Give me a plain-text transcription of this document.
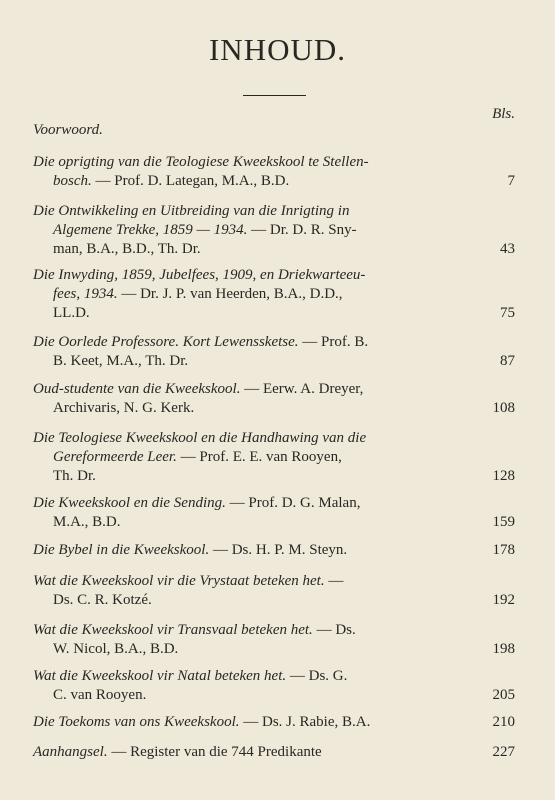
INHOUD.
Bls.
Voorwoord.
Die oprigting van die Teologiese Kweekskool te Stellen-
bosch. — Prof. D. Lategan, M.A., B.D.	7
Die Ontwikkeling en Uitbreiding van die Inrigting in
Algemene Trekke, 1859 — 1934. — Dr. D. R. Sny-
man, B.A., B.D., Th. Dr.	43
Die Inwyding, 1859, Jubelfees, 1909, en Driekwarteeu-
fees, 1934. — Dr. J. P. van Heerden, B.A., D.D.,
LL.D.	75
Die Oorlede Professore. Kort Lewenssketse. — Prof. B.
B. Keet, M.A., Th. Dr.	87
Oud-studente van die Kweekskool. — Eerw. A. Dreyer,
Archivaris, N. G. Kerk.	108
Die Teologiese Kweekskool en die Handhawing van die
Gereformeerde Leer. — Prof. E. E. van Rooyen,
Th. Dr.	128
Die Kweekskool en die Sending. — Prof. D. G. Malan,
M.A., B.D.	159
Die Bybel in die Kweekskool. — Ds. H. P. M. Steyn.	178
Wat die Kweekskool vir die Vrystaat beteken het. —
Ds. C. R. Kotzé.	192
Wat die Kweekskool vir Transvaal beteken het. — Ds.
W. Nicol, B.A., B.D.	198
Wat die Kweekskool vir Natal beteken het. — Ds. G.
C. van Rooyen.	205
Die Toekoms van ons Kweekskool. — Ds. J. Rabie, B.A.	210
Aanhangsel. — Register van die 744 Predikante	227
